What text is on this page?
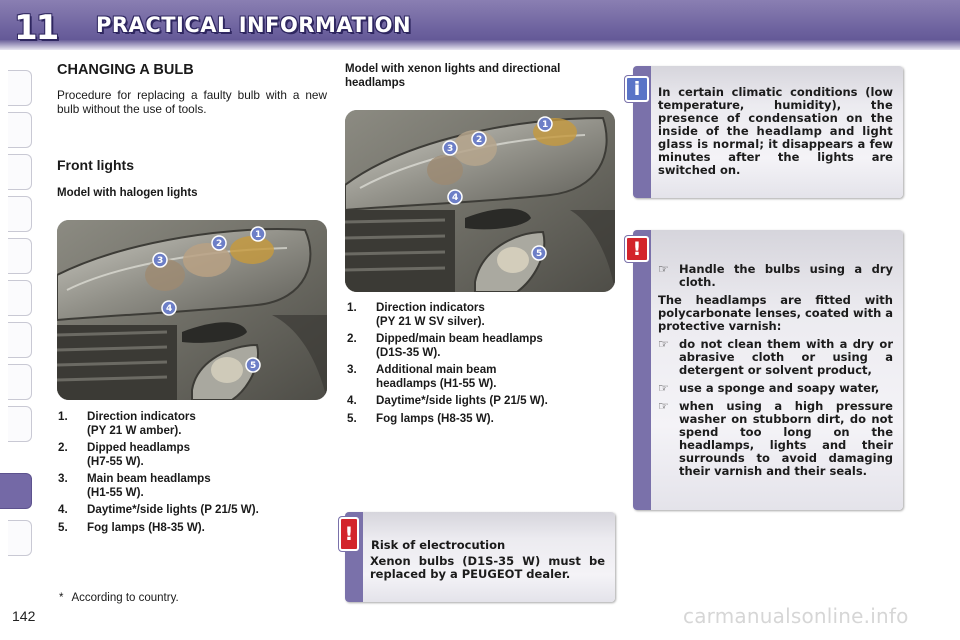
11	PRACTICAL INFORMATION
CHANGING A BULB
Procedure for replacing a faulty bulb with a new bulb without the use of tools.
Front lights
Model with halogen lights
1
2
3
4
5
1.	Direction indicators
(PY 21 W amber).
2.	Dipped headlamps
(H7-55 W).
3.	Main beam headlamps
(H1-55 W).
4.	Daytime*/side lights (P 21/5 W).
5.	Fog lamps (H8-35 W).
* According to country.
142
Model with xenon lights and directional headlamps
1
2
3
4
5
1.	Direction indicators
(PY 21 W SV silver).
2.	Dipped/main beam headlamps
(D1S-35 W).
3.	Additional main beam
headlamps (H1-55 W).
4.	Daytime*/side lights (P 21/5 W).
5.	Fog lamps (H8-35 W).
!	Risk of electrocution
Xenon bulbs (D1S-35 W) must be replaced by a PEUGEOT dealer.
i	In certain climatic conditions (low temperature, humidity), the presence of condensation on the inside of the headlamp and light glass is normal; it disappears a few minutes after the lights are switched on.
!
☞ Handle the bulbs using a dry cloth.
The headlamps are fitted with polycarbonate lenses, coated with a protective varnish:
☞ do not clean them with a dry or abrasive cloth or using a detergent or solvent product,
☞ use a sponge and soapy water,
☞ when using a high pressure washer on stubborn dirt, do not spend too long on the headlamps, lights and their surrounds to avoid damaging their varnish and their seals.
carmanualsonline.info
